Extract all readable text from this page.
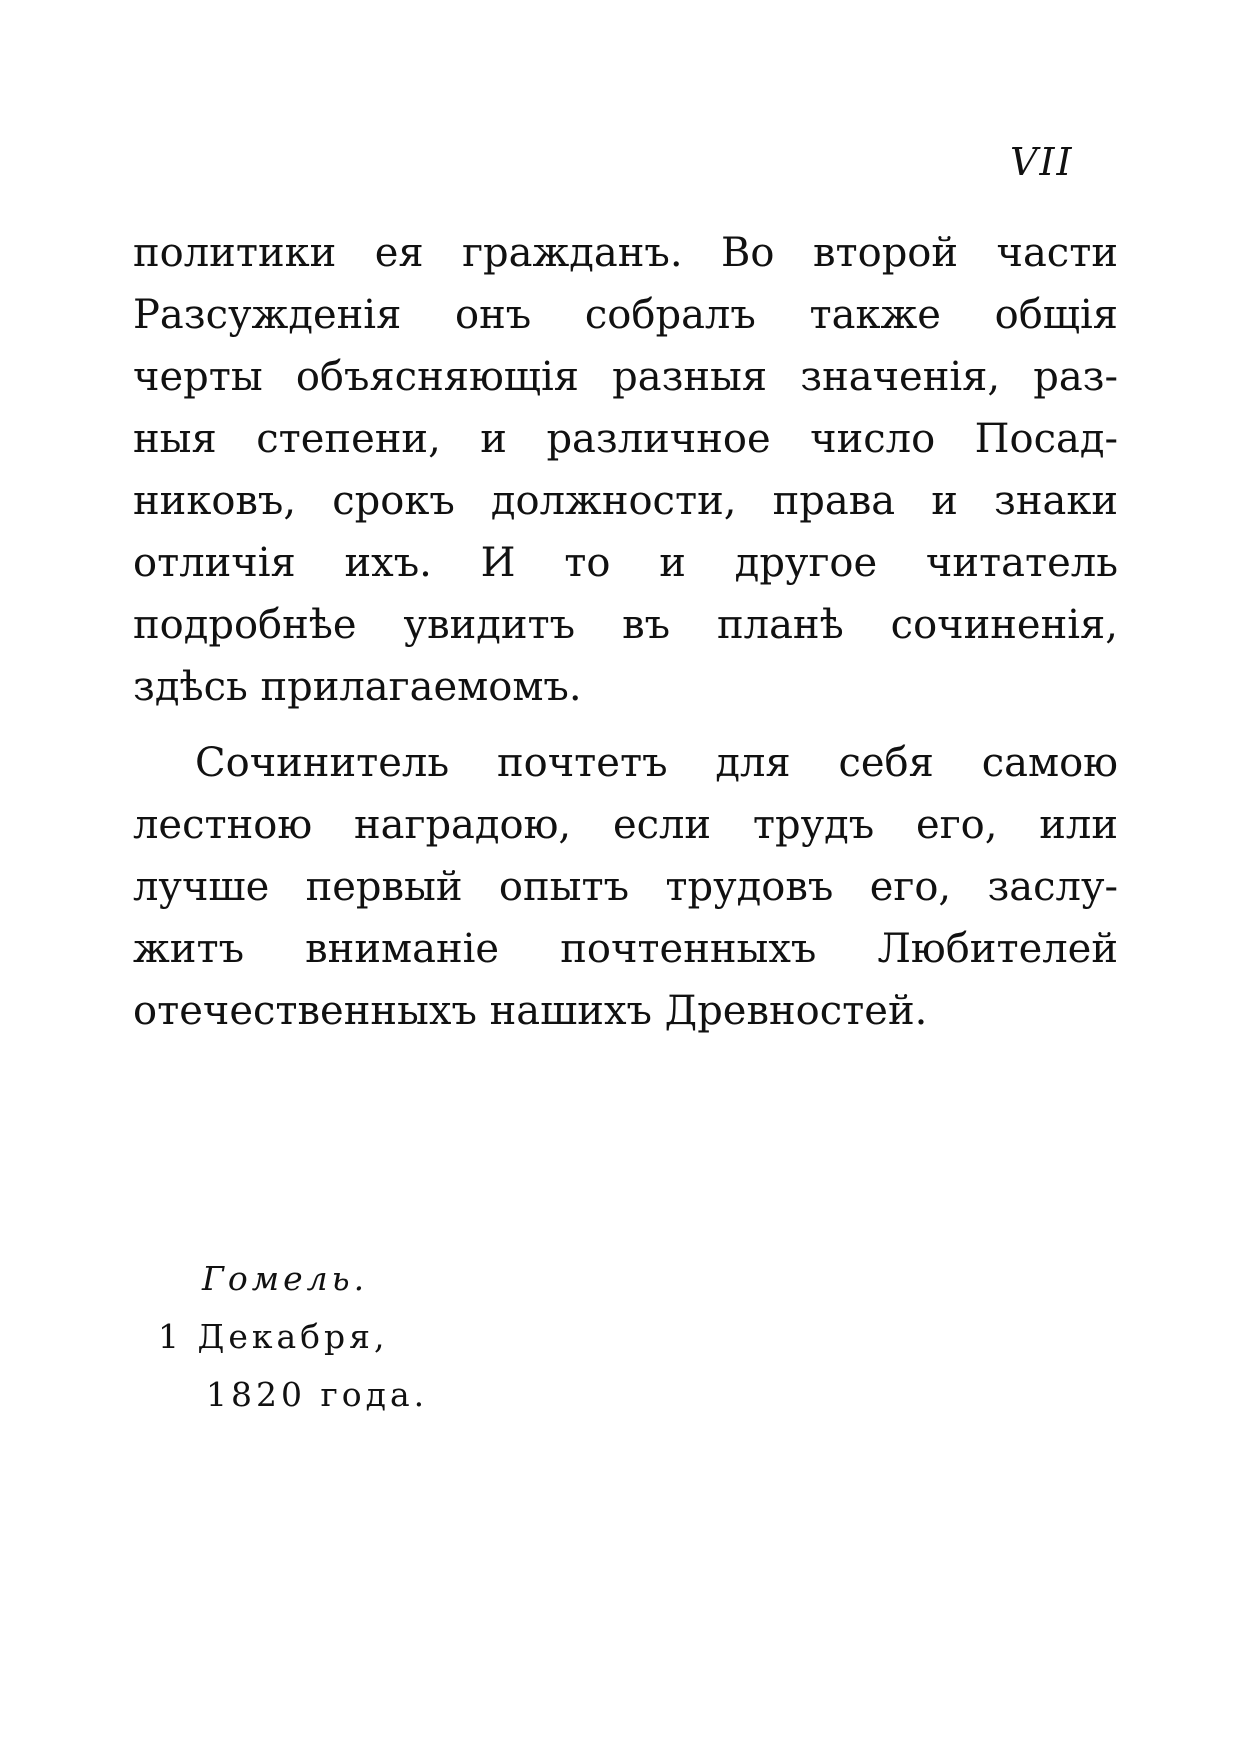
VII
политики ея гражданъ. Во второй части
Разсужденія онъ собралъ также общія
черты объясняющія разныя значенія, раз-
ныя степени, и различное число Посад-
никовъ, срокъ должности, права и знаки
отличія ихъ. И то и другое читатель
подробнѣе увидитъ въ планѣ сочиненія,
здѣсь прилагаемомъ.
Сочинитель почтетъ для себя самою
лестною наградою, если трудъ его, или
лучше первый опытъ трудовъ его, заслу-
житъ вниманіе почтенныхъ Любителей
отечественныхъ нашихъ Древностей.
Гомель.
1 Декабря,
1820 года.
